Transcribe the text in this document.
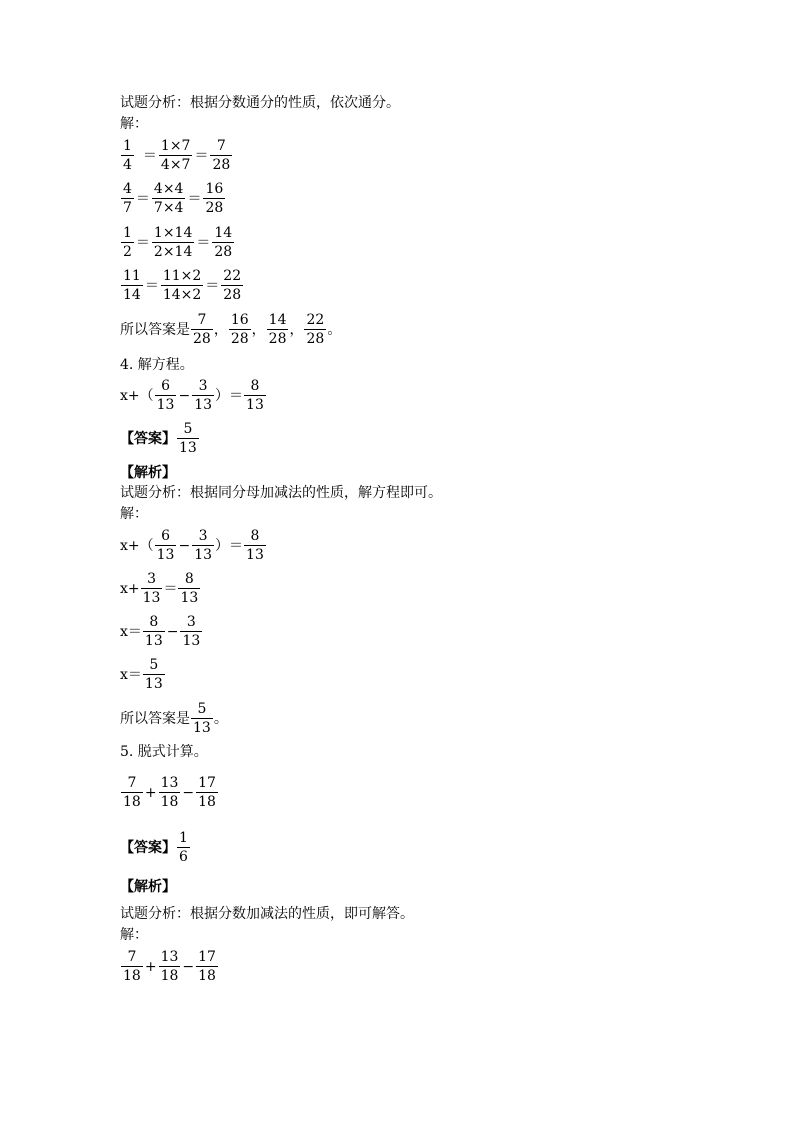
试题分析：根据分数通分的性质，依次通分。
解：
$\frac{1}{4} = \frac{1\times 7}{4\times 7} = \frac{7}{28}$
$\frac{4}{7} = \frac{4\times 4}{7\times 4} = \frac{16}{28}$
$\frac{1}{2} = \frac{1\times 14}{2\times 14} = \frac{14}{28}$
$\frac{11}{14} = \frac{11\times 2}{14\times 2} = \frac{22}{28}$
所以答案是 $\frac{7}{28}$ ， $\frac{16}{28}$ ， $\frac{14}{28}$ ， $\frac{22}{28}$ 。
4. 解方程。
$x+( \frac{6}{13} - \frac{3}{13}$ ）＝ $\frac{8}{13}$
【答案】 $\frac{5}{13}$
【解析】
试题分析：根据同分母加减法的性质，解方程即可。
解：
$x+( \frac{6}{13} - \frac{3}{13}$ ）＝ $\frac{8}{13}$
$x+ \frac{3}{13} = \frac{8}{13}$
$x= \frac{8}{13} - \frac{3}{13}$
$x= \frac{5}{13}$
所以答案是 $\frac{5}{13}$ 。
5. 脱式计算。
$\frac{7}{18} + \frac{13}{18} - \frac{17}{18}$
【答案】 $\frac{1}{6}$
【解析】
试题分析：根据分数加减法的性质，即可解答。
解：
$\frac{7}{18} + \frac{13}{18} - \frac{17}{18}$
